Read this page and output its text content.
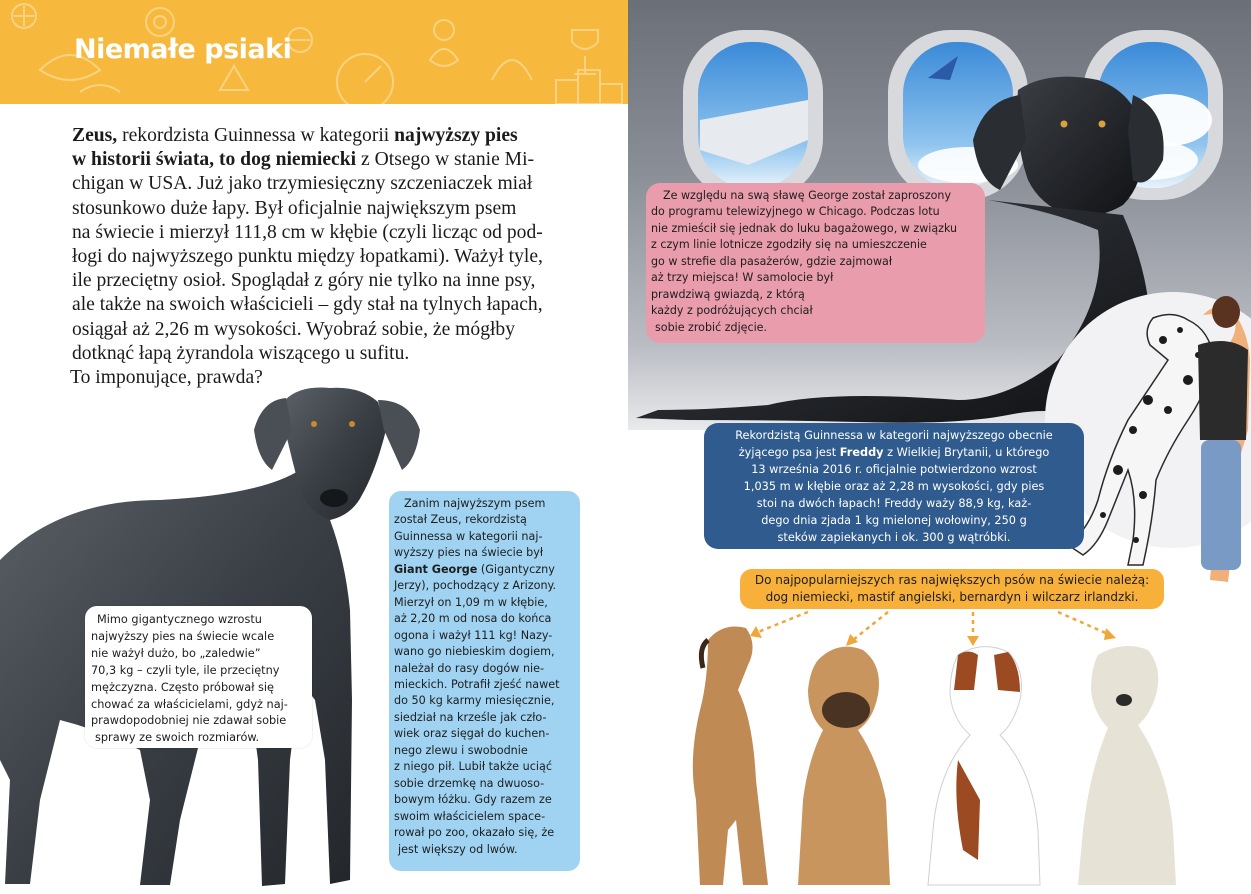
Niemałe psiaki
Zeus, rekordzista Guinnessa w kategorii najwyższy pies
w historii świata, to dog niemiecki z Otsego w stanie Mi-
chigan w USA. Już jako trzymiesięczny szczeniaczek miał
stosunkowo duże łapy. Był oficjalnie największym psem
na świecie i mierzył 111,8 cm w kłębie (czyli licząc od pod-
łogi do najwyższego punktu między łopatkami). Ważył tyle,
ile przeciętny osioł. Spoglądał z góry nie tylko na inne psy,
ale także na swoich właścicieli – gdy stał na tylnych łapach,
osiągał aż 2,26 m wysokości. Wyobraź sobie, że mógłby
dotknąć łapą żyrandola wiszącego u sufitu.
To imponujące, prawda?
Mimo gigantycznego wzrostu
najwyższy pies na świecie wcale
nie ważył dużo, bo „zaledwie”
70,3 kg – czyli tyle, ile przeciętny
mężczyzna. Często próbował się
chować za właścicielami, gdyż naj-
prawdopodobniej nie zdawał sobie
sprawy ze swoich rozmiarów.
Zanim najwyższym psem
został Zeus, rekordzistą
Guinnessa w kategorii naj-
wyższy pies na świecie był
Giant George (Gigantyczny
Jerzy), pochodzący z Arizony.
Mierzył on 1,09 m w kłębie,
aż 2,20 m od nosa do końca
ogona i ważył 111 kg! Nazy-
wano go niebieskim dogiem,
należał do rasy dogów nie-
mieckich. Potrafił zjeść nawet
do 50 kg karmy miesięcznie,
siedział na krześle jak czło-
wiek oraz sięgał do kuchen-
nego zlewu i swobodnie
z niego pił. Lubił także uciąć
sobie drzemkę na dwuoso-
bowym łóżku. Gdy razem ze
swoim właścicielem space-
rował po zoo, okazało się, że
jest większy od lwów.
Ze względu na swą sławę George został zaproszony
do programu telewizyjnego w Chicago. Podczas lotu
nie zmieścił się jednak do luku bagażowego, w związku
z czym linie lotnicze zgodziły się na umieszczenie
go w strefie dla pasażerów, gdzie zajmował
aż trzy miejsca! W samolocie był
prawdziwą gwiazdą, z którą
każdy z podróżujących chciał
sobie zrobić zdjęcie.
Rekordzistą Guinnessa w kategorii najwyższego obecnie
żyjącego psa jest Freddy z Wielkiej Brytanii, u którego
13 września 2016 r. oficjalnie potwierdzono wzrost
1,035 m w kłębie oraz aż 2,28 m wysokości, gdy pies
stoi na dwóch łapach! Freddy waży 88,9 kg, każ-
dego dnia zjada 1 kg mielonej wołowiny, 250 g
steków zapiekanych i ok. 300 g wątróbki.
Do najpopularniejszych ras największych psów na świecie należą:
dog niemiecki, mastif angielski, bernardyn i wilczarz irlandzki.
